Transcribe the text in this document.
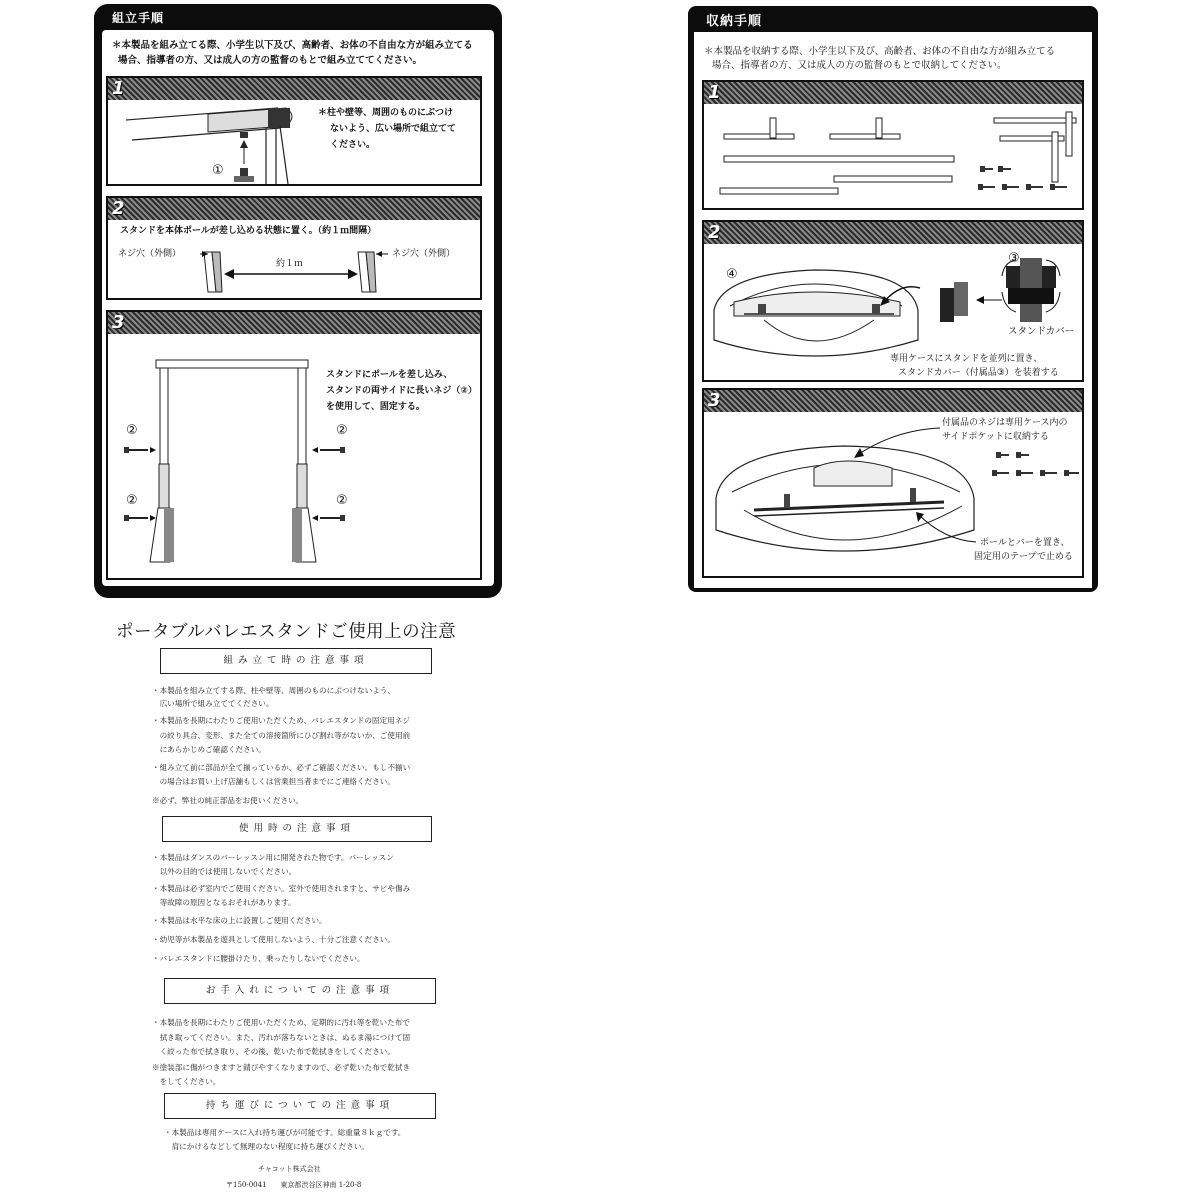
組立手順
＊本製品を組み立てる際、小学生以下及び、高齢者、お体の不自由な方が組み立てる
場合、指導者の方、又は成人の方の監督のもとで組み立ててください。
1
①
＊柱や壁等、周囲のものにぶつけ
ないよう、広い場所で組立てて
ください。
2
スタンドを本体ポールが差し込める状態に置く。（約１ｍ間隔）
ネジ穴（外側）	ネジ穴（外側）
約１ｍ
3
②
②
②
②
スタンドにポールを差し込み、
スタンドの両サイドに長いネジ（②）
を使用して、固定する。
収納手順
＊本製品を収納する際、小学生以下及び、高齢者、お体の不自由な方が組み立てる
場合、指導者の方、又は成人の方の監督のもとで収納してください。
1
2
④
③
スタンドカバー
専用ケースにスタンドを並列に置き、
スタンドカバー（付属品③）を装着する
3
付属品のネジは専用ケース内の
サイドポケットに収納する
ポールとバーを置き、
固定用のテープで止める
ポータブルバレエスタンドご使用上の注意
組み立て時の注意事項
・本製品を組み立てする際、柱や壁等、周囲のものにぶつけないよう、
　広い場所で組み立ててください。
・本製品を長期にわたりご使用いただくため、バレエスタンドの固定用ネジ
　の絞り具合、変形、また全ての溶接箇所にひび割れ等がないか、ご使用前
　にあらかじめご確認ください。
・組み立て前に部品が全て揃っているか、必ずご確認ください。もし不揃い
　の場合はお買い上げ店舗もしくは営業担当者までにご連絡ください。
※必ず、弊社の純正部品をお使いください。
使用時の注意事項
・本製品はダンスのバーレッスン用に開発された物です。バーレッスン
　以外の目的では使用しないでください。
・本製品は必ず室内でご使用ください。室外で使用されますと、サビや傷み
　等故障の原因となるおそれがあります。
・本製品は水平な床の上に設置しご使用ください。
・幼児等が本製品を遊具として使用しないよう、十分ご注意ください。
・バレエスタンドに腰掛けたり、乗ったりしないでください。
お手入れについての注意事項
・本製品を長期にわたりご使用いただくため、定期的に汚れ等を乾いた布で
　拭き取ってください。また、汚れが落ちないときは、ぬるま湯につけて固
　く絞った布で拭き取り、その後、乾いた布で乾拭きをしてください。
※塗装部に傷がつきますと錆びやすくなりますので、必ず乾いた布で乾拭き
　をしてください。
持ち運びについての注意事項
・本製品は専用ケースに入れ持ち運びが可能です。総重量８ｋｇです。
　肩にかけるなどして無理のない程度に持ち運びください。
チャコット株式会社
〒150-0041　　東京都渋谷区神南 1-20-8
